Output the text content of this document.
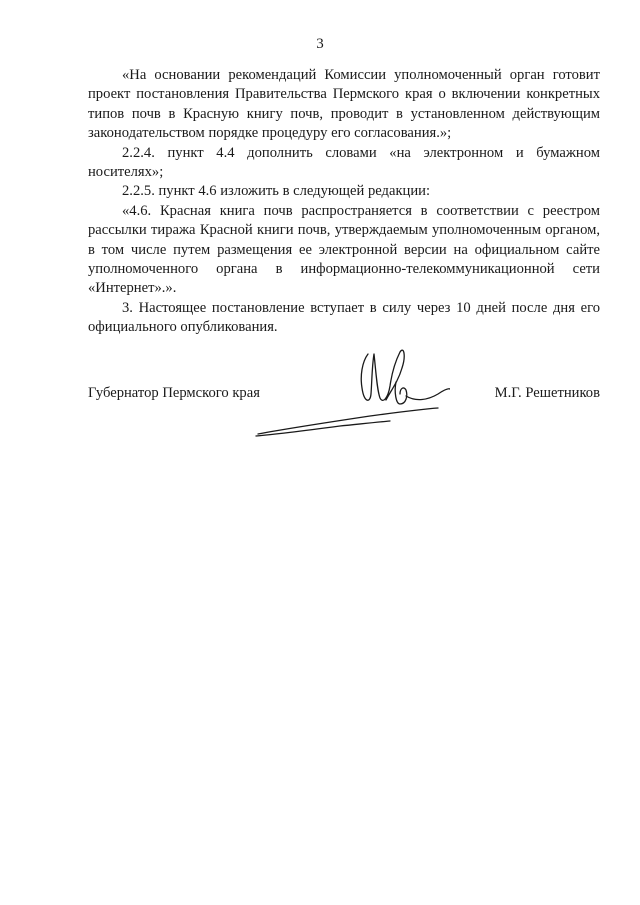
3

«На основании рекомендаций Комиссии уполномоченный орган готовит проект постановления Правительства Пермского края о включении конкретных типов почв в Красную книгу почв, проводит в установленном действующим законодательством порядке процедуру его согласования.»;

2.2.4. пункт 4.4 дополнить словами «на электронном и бумажном носителях»;

2.2.5. пункт 4.6 изложить в следующей редакции:

«4.6. Красная книга почв распространяется в соответствии с реестром рассылки тиража Красной книги почв, утверждаемым уполномоченным органом, в том числе путем размещения ее электронной версии на официальном сайте уполномоченного органа в информационно-телекоммуникационной сети «Интернет».».

3. Настоящее постановление вступает в силу через 10 дней после дня его официального опубликования.

Губернатор Пермского края	М.Г. Решетников
